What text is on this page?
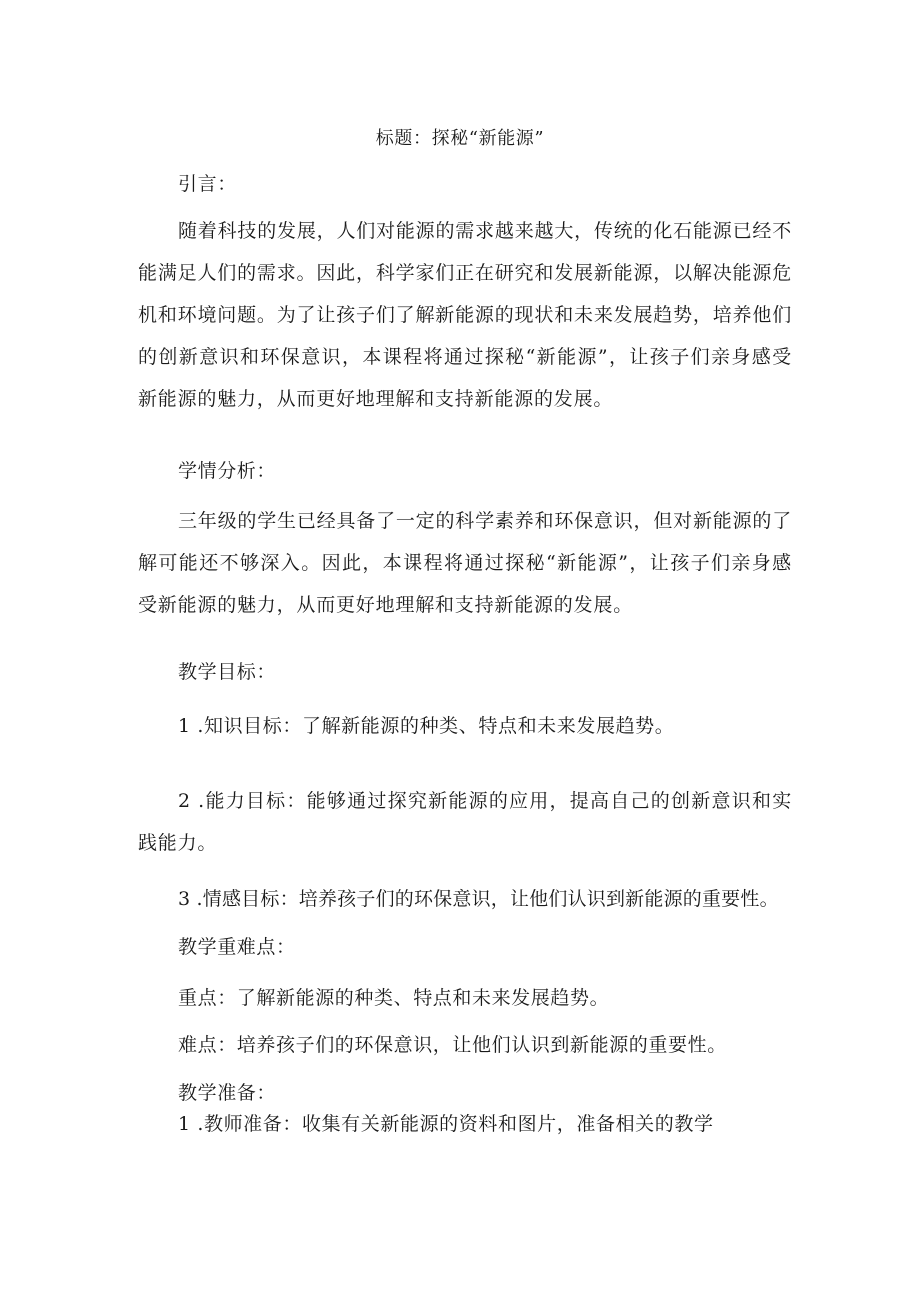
标题：探秘“新能源”
引言：
随着科技的发展，人们对能源的需求越来越大，传统的化石能源已经不能满足人们的需求。因此，科学家们正在研究和发展新能源，以解决能源危机和环境问题。为了让孩子们了解新能源的现状和未来发展趋势，培养他们的创新意识和环保意识，本课程将通过探秘“新能源”，让孩子们亲身感受新能源的魅力，从而更好地理解和支持新能源的发展。
学情分析：
三年级的学生已经具备了一定的科学素养和环保意识，但对新能源的了解可能还不够深入。因此，本课程将通过探秘“新能源”，让孩子们亲身感受新能源的魅力，从而更好地理解和支持新能源的发展。
教学目标：
1 .知识目标：了解新能源的种类、特点和未来发展趋势。
2 .能力目标：能够通过探究新能源的应用，提高自己的创新意识和实践能力。
3 .情感目标：培养孩子们的环保意识，让他们认识到新能源的重要性。
教学重难点：
重点：了解新能源的种类、特点和未来发展趋势。
难点：培养孩子们的环保意识，让他们认识到新能源的重要性。
教学准备：
1 .教师准备：收集有关新能源的资料和图片，准备相关的教学
